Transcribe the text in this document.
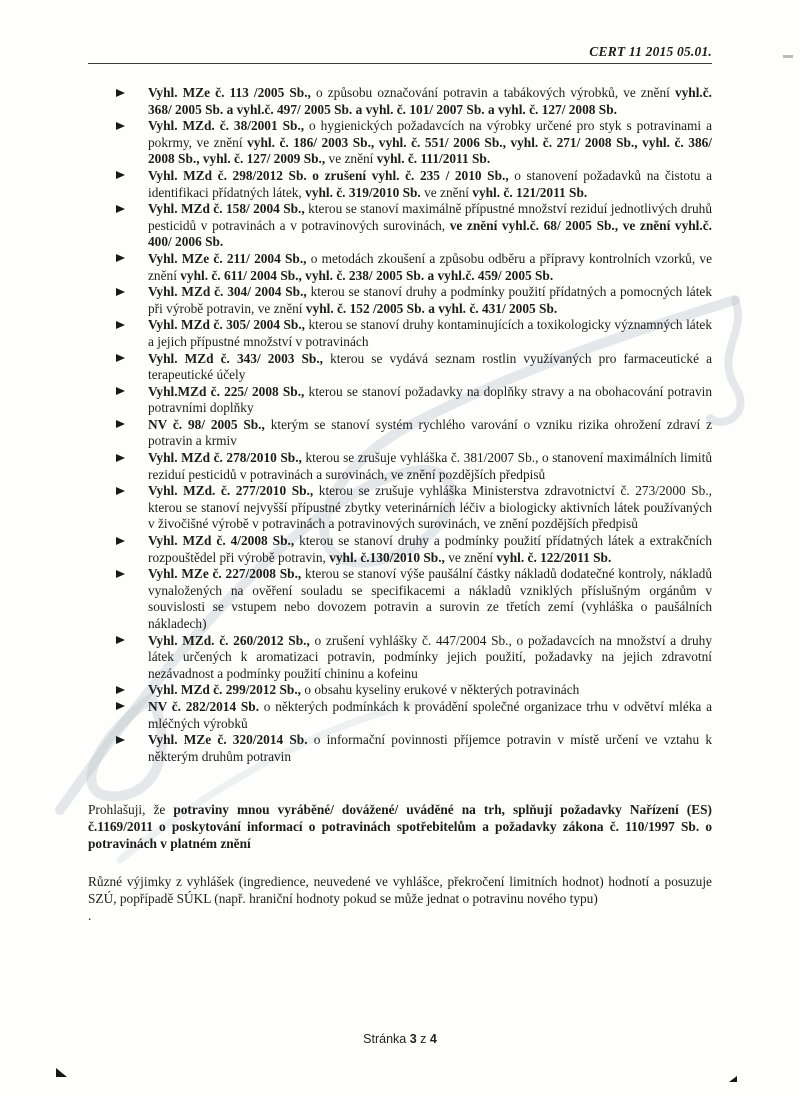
CERT 11 2015 05.01.
Vyhl. MZe č. 113 /2005 Sb., o způsobu označování potravin a tabákových výrobků, ve znění vyhl.č. 368/ 2005 Sb. a vyhl.č. 497/ 2005 Sb. a vyhl. č. 101/ 2007 Sb. a vyhl. č. 127/ 2008 Sb.
Vyhl. MZd. č. 38/2001 Sb., o hygienických požadavcích na výrobky určené pro styk s potravinami a pokrmy, ve znění vyhl. č. 186/ 2003 Sb., vyhl. č. 551/ 2006 Sb., vyhl. č. 271/ 2008 Sb., vyhl. č. 386/ 2008 Sb., vyhl. č. 127/ 2009 Sb., ve znění vyhl. č. 111/2011 Sb.
Vyhl. MZd č. 298/2012 Sb. o zrušení vyhl. č. 235 / 2010 Sb., o stanovení požadavků na čistotu a identifikaci přídatných látek, vyhl. č. 319/2010 Sb. ve znění vyhl. č. 121/2011 Sb.
Vyhl. MZd č. 158/ 2004 Sb., kterou se stanoví maximálně přípustné množství reziduí jednotlivých druhů pesticidů v potravinách a v potravinových surovinách, ve znění vyhl.č. 68/ 2005 Sb., ve znění vyhl.č. 400/ 2006 Sb.
Vyhl. MZe č. 211/ 2004 Sb., o metodách zkoušení a způsobu odběru a přípravy kontrolních vzorků, ve znění vyhl. č. 611/ 2004 Sb., vyhl. č. 238/ 2005 Sb. a vyhl.č. 459/ 2005 Sb.
Vyhl. MZd č. 304/ 2004 Sb., kterou se stanoví druhy a podmínky použití přídatných a pomocných látek při výrobě potravin, ve znění vyhl. č. 152 /2005 Sb. a vyhl. č. 431/ 2005 Sb.
Vyhl. MZd č. 305/ 2004 Sb., kterou se stanoví druhy kontaminujících a toxikologicky významných látek a jejich přípustné množství v potravinách
Vyhl. MZd č. 343/ 2003 Sb., kterou se vydává seznam rostlin využívaných pro farmaceutické a terapeutické účely
Vyhl.MZd č. 225/ 2008 Sb., kterou se stanoví požadavky na doplňky stravy a na obohacování potravin potravními doplňky
NV č. 98/ 2005 Sb., kterým se stanoví systém rychlého varování o vzniku rizika ohrožení zdraví z potravin a krmiv
Vyhl. MZd č. 278/2010 Sb., kterou se zrušuje vyhláška č. 381/2007 Sb., o stanovení maximálních limitů reziduí pesticidů v potravinách a surovinách, ve znění pozdějších předpisů
Vyhl. MZd. č. 277/2010 Sb., kterou se zrušuje vyhláška Ministerstva zdravotnictví č. 273/2000 Sb., kterou se stanoví nejvyšší přípustné zbytky veterinárních léčiv a biologicky aktivních látek používaných v živočišné výrobě v potravinách a potravinových surovinách, ve znění pozdějších předpisů
Vyhl. MZd č. 4/2008 Sb., kterou se stanoví druhy a podmínky použití přídatných látek a extrakčních rozpouštědel při výrobě potravin, vyhl. č.130/2010 Sb., ve znění vyhl. č. 122/2011 Sb.
Vyhl. MZe č. 227/2008 Sb., kterou se stanoví výše paušální částky nákladů dodatečné kontroly, nákladů vynaložených na ověření souladu se specifikacemi a nákladů vzniklých příslušným orgánům v souvislosti se vstupem nebo dovozem potravin a surovin ze třetích zemí (vyhláška o paušálních nákladech)
Vyhl. MZd. č. 260/2012 Sb., o zrušení vyhlášky č. 447/2004 Sb., o požadavcích na množství a druhy látek určených k aromatizaci potravin, podmínky jejich použití, požadavky na jejich zdravotní nezávadnost a podmínky použití chininu a kofeinu
Vyhl. MZd č. 299/2012 Sb., o obsahu kyseliny erukové v některých potravinách
NV č. 282/2014 Sb. o některých podmínkách k provádění společné organizace trhu v odvětví mléka a mléčných výrobků
Vyhl. MZe č. 320/2014 Sb. o informační povinnosti příjemce potravin v místě určení ve vztahu k některým druhům potravin

Prohlašuji, že potraviny mnou vyráběné/ dovážené/ uváděné na trh, splňují požadavky Nařízení (ES) č.1169/2011 o poskytování informací o potravinách spotřebitelům a požadavky zákona č. 110/1997 Sb. o potravinách v platném znění

Různé výjimky z vyhlášek (ingredience, neuvedené ve vyhlášce, překročení limitních hodnot) hodnotí a posuzuje SZÚ, popřípadě SÚKL (např. hraniční hodnoty pokud se může jednat o potravinu nového typu)

.

Stránka 3 z 4
